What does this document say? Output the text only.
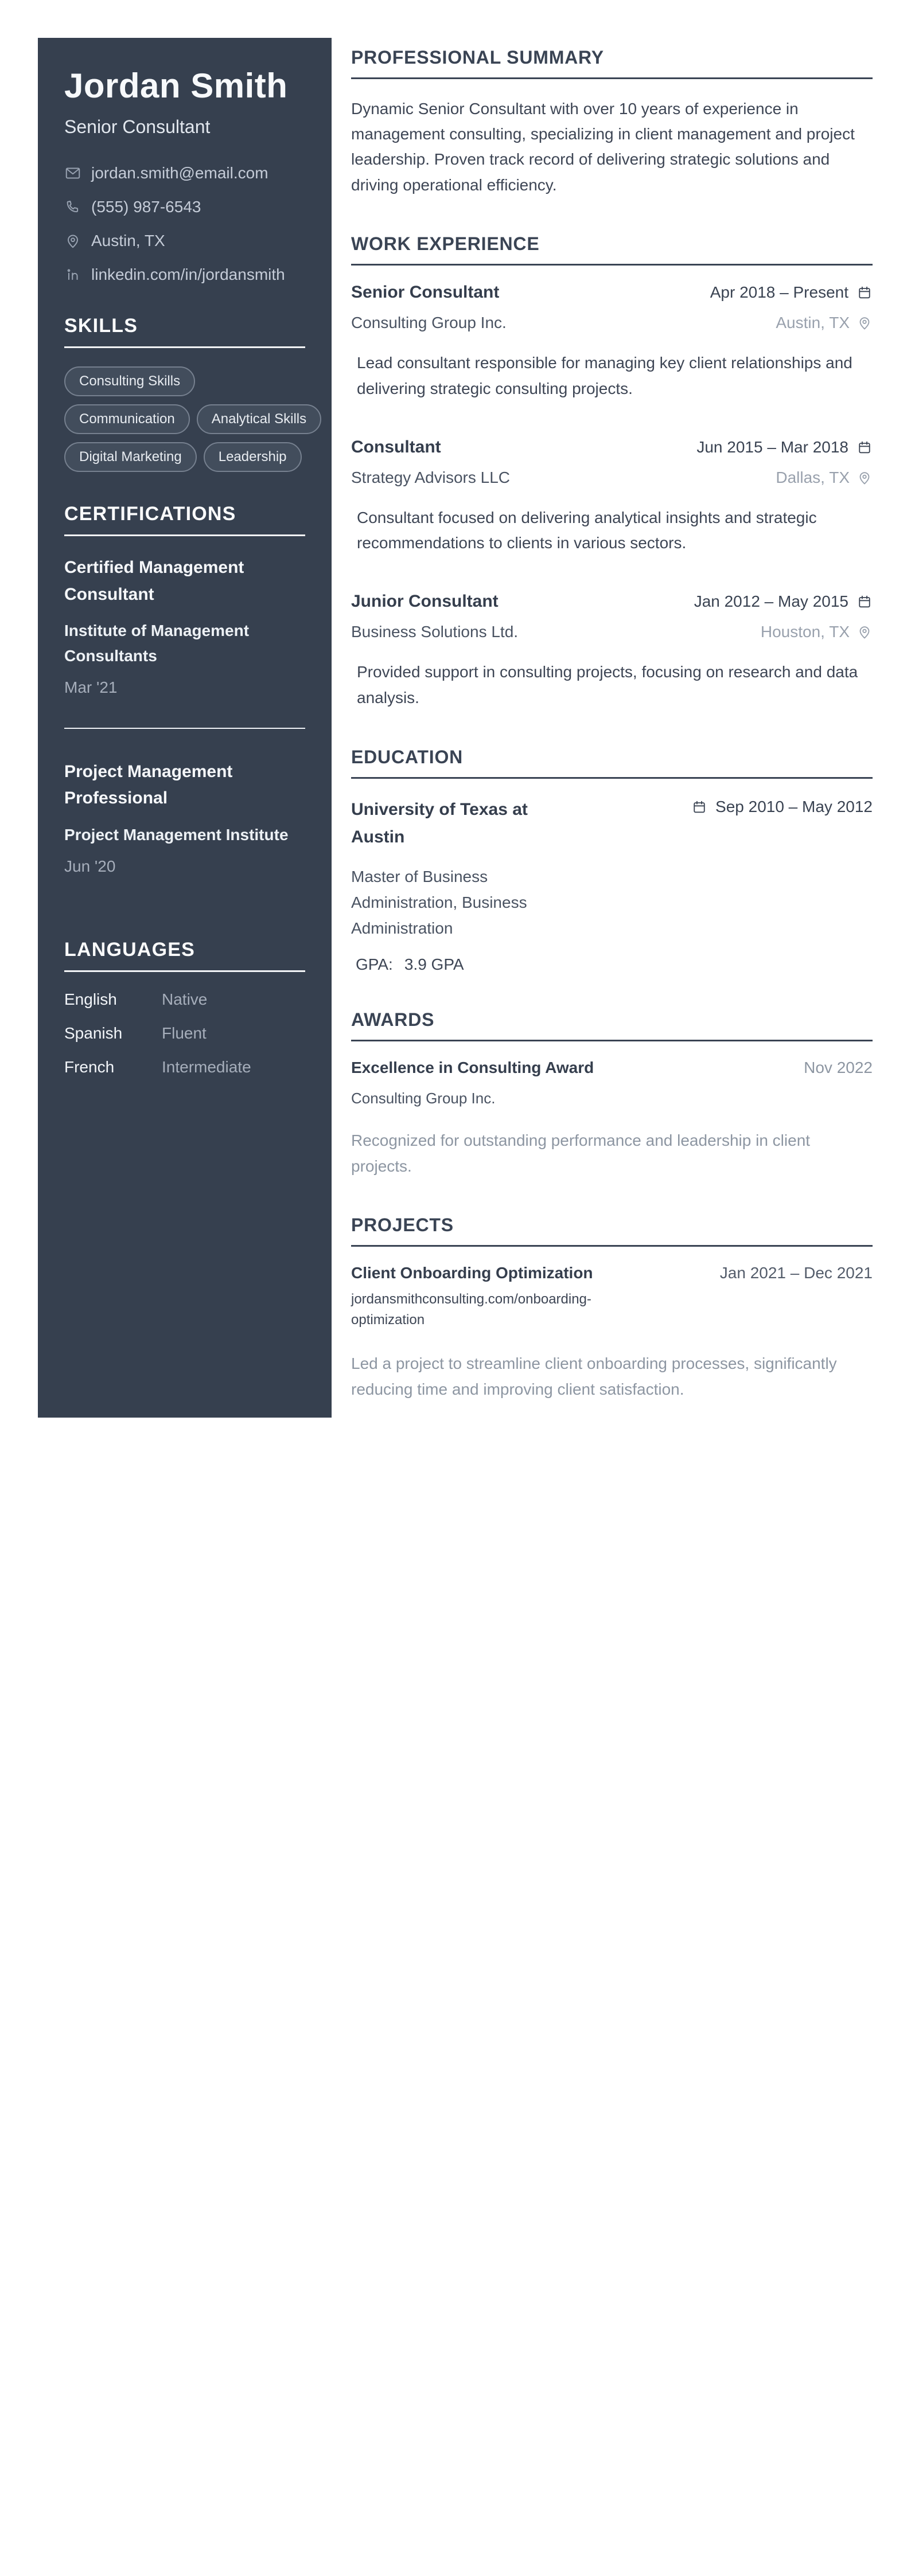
Jordan Smith
Senior Consultant
jordan.smith@email.com
(555) 987-6543
Austin, TX
linkedin.com/in/jordansmith
SKILLS
Consulting Skills
Communication	Analytical Skills
Digital Marketing	Leadership
CERTIFICATIONS
Certified Management Consultant
Institute of Management Consultants
Mar '21
Project Management Professional
Project Management Institute
Jun '20
LANGUAGES
English	Native
Spanish	Fluent
French	Intermediate
PROFESSIONAL SUMMARY

Dynamic Senior Consultant with over 10 years of experience in management consulting, specializing in client management and project leadership. Proven track record of delivering strategic solutions and driving operational efficiency.

WORK EXPERIENCE
Senior Consultant	Apr 2018 – Present
Consulting Group Inc.	Austin, TX
Lead consultant responsible for managing key client relationships and delivering strategic consulting projects.
Consultant	Jun 2015 – Mar 2018
Strategy Advisors LLC	Dallas, TX
Consultant focused on delivering analytical insights and strategic recommendations to clients in various sectors.
Junior Consultant	Jan 2012 – May 2015
Business Solutions Ltd.	Houston, TX
Provided support in consulting projects, focusing on research and data analysis.
EDUCATION
University of Texas at Austin
Sep 2010 – May 2012
Master of Business Administration, Business Administration
GPA: 3.9 GPA
AWARDS
Excellence in Consulting Award	Nov 2022
Consulting Group Inc.
Recognized for outstanding performance and leadership in client projects.
PROJECTS
Client Onboarding Optimization
jordansmithconsulting.com/onboarding-optimization
Jan 2021 – Dec 2021
Led a project to streamline client onboarding processes, significantly reducing time and improving client satisfaction.
